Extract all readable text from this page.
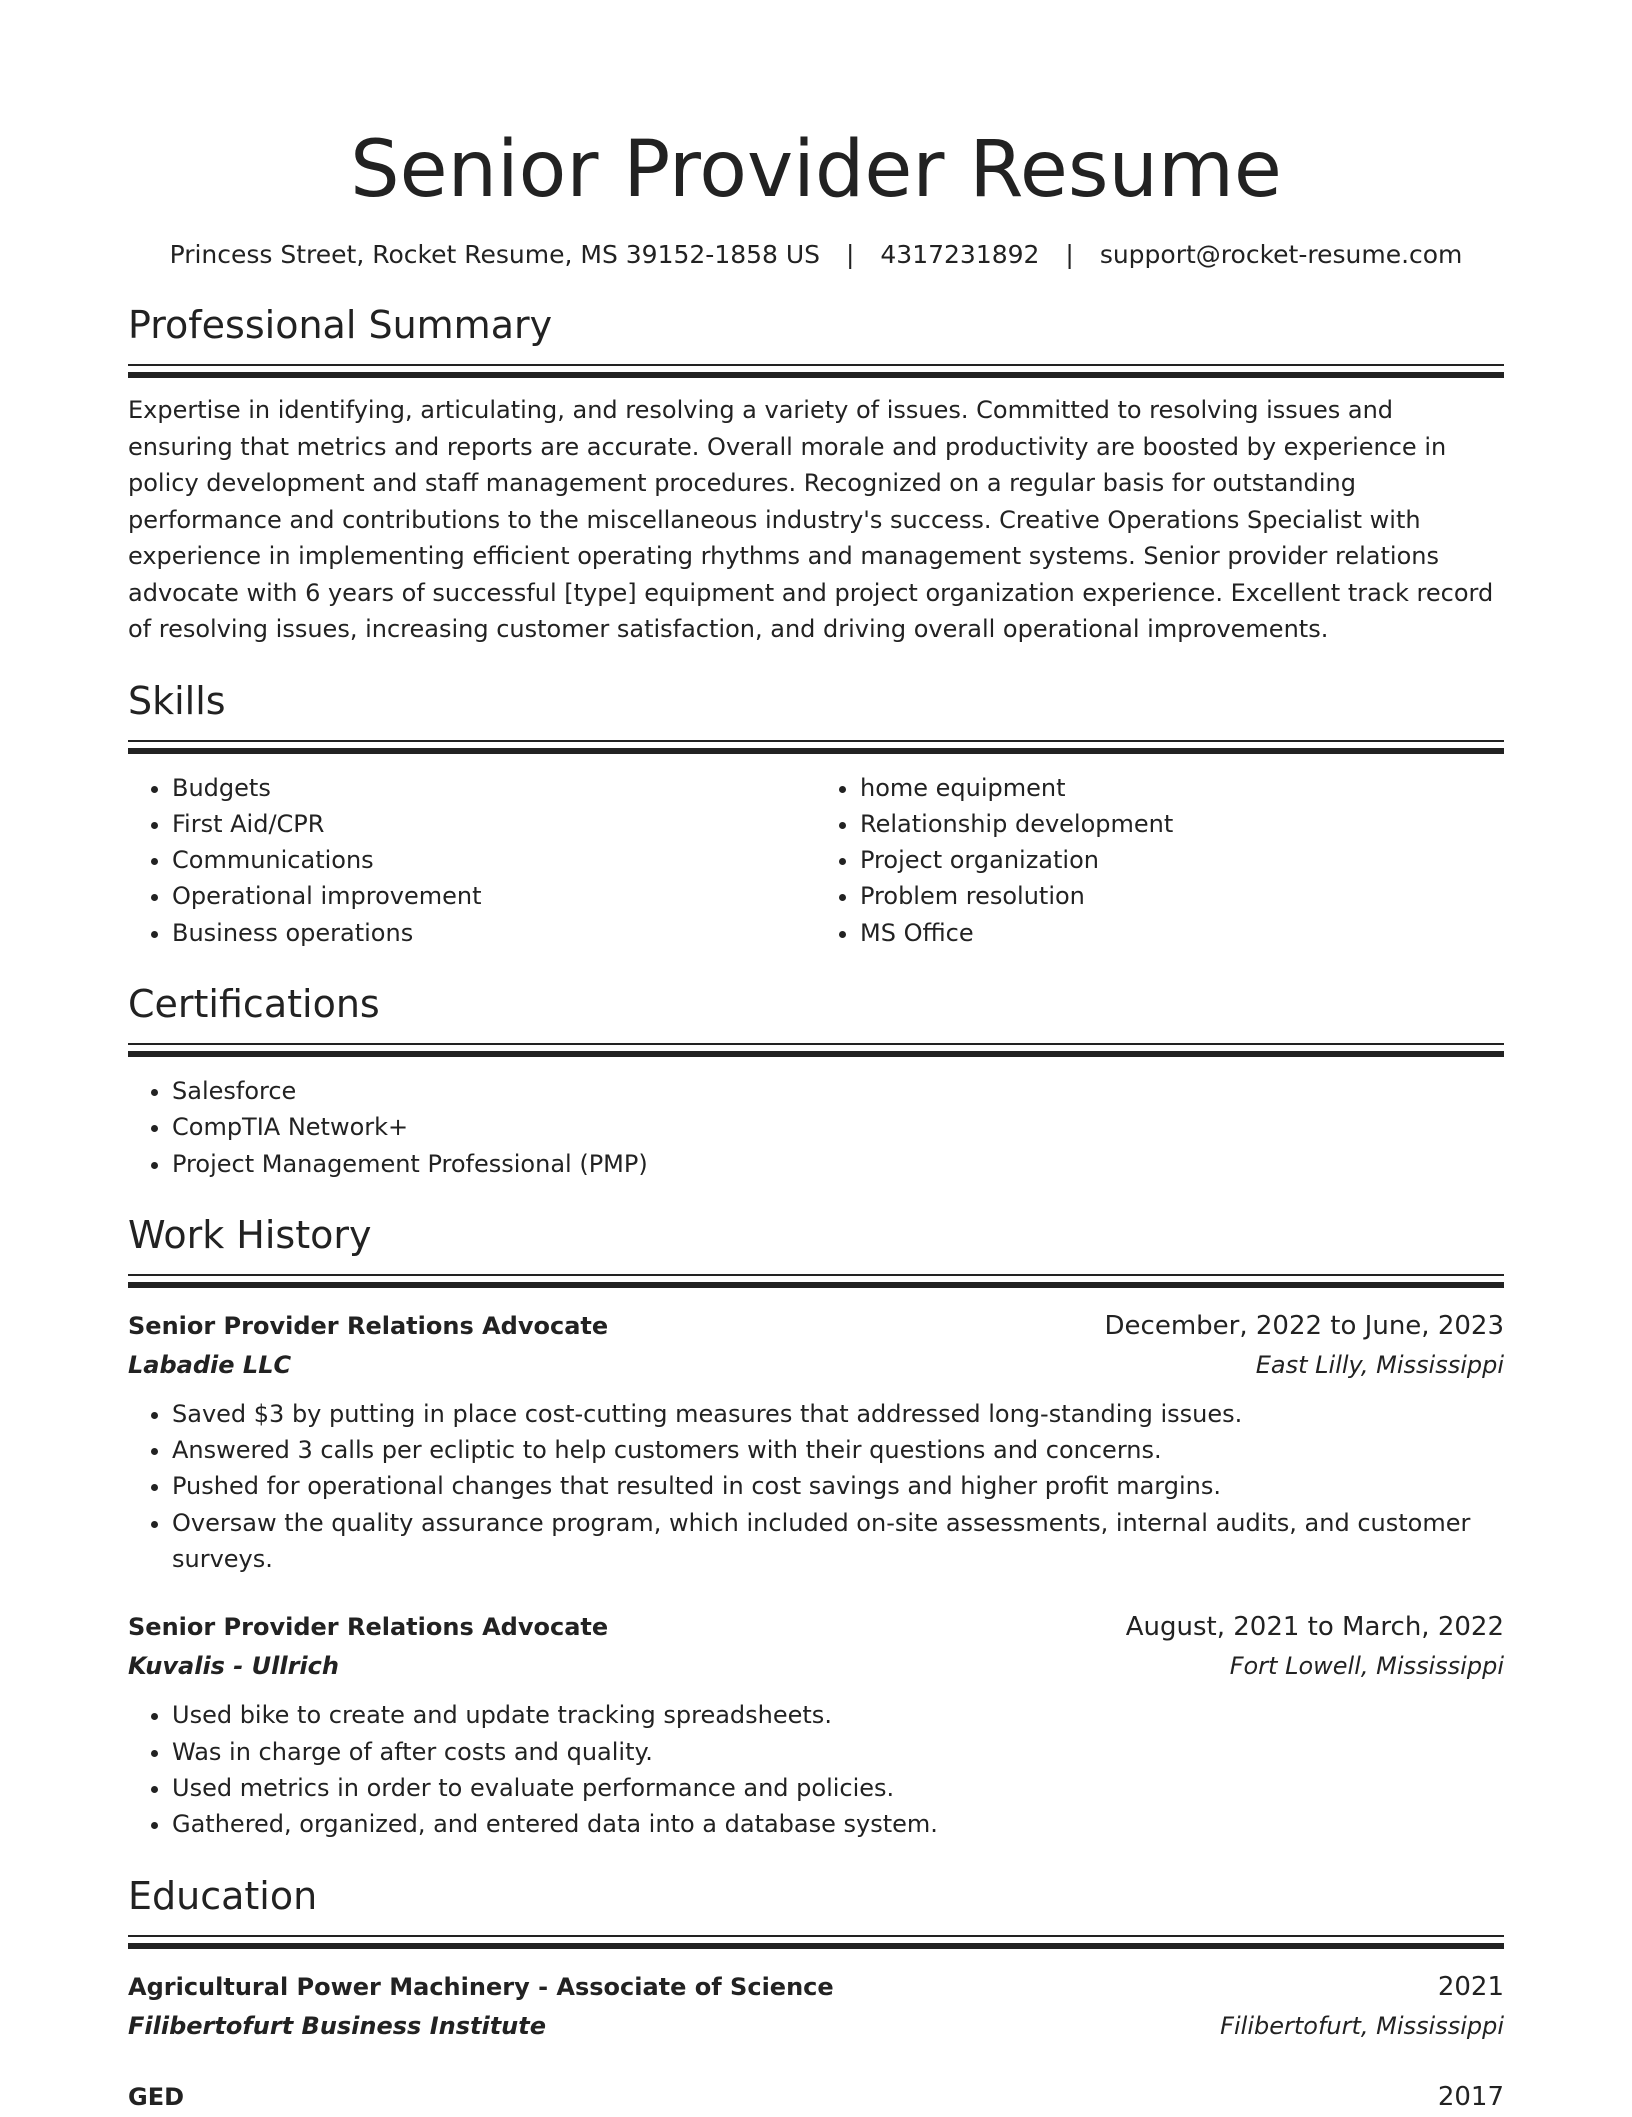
Senior Provider Resume
Princess Street, Rocket Resume, MS 39152-1858 US | 4317231892 | support@rocket-resume.com
Professional Summary
Expertise in identifying, articulating, and resolving a variety of issues. Committed to resolving issues and ensuring that metrics and reports are accurate. Overall morale and productivity are boosted by experience in policy development and staff management procedures. Recognized on a regular basis for outstanding performance and contributions to the miscellaneous industry's success. Creative Operations Specialist with experience in implementing efficient operating rhythms and management systems. Senior provider relations advocate with 6 years of successful [type] equipment and project organization experience. Excellent track record of resolving issues, increasing customer satisfaction, and driving overall operational improvements.
Skills
• Budgets
• First Aid/CPR
• Communications
• Operational improvement
• Business operations
• home equipment
• Relationship development
• Project organization
• Problem resolution
• MS Office
Certifications
• Salesforce
• CompTIA Network+
• Project Management Professional (PMP)
Work History
Senior Provider Relations Advocate	December, 2022 to June, 2023
Labadie LLC	East Lilly, Mississippi
• Saved $3 by putting in place cost-cutting measures that addressed long-standing issues.
• Answered 3 calls per ecliptic to help customers with their questions and concerns.
• Pushed for operational changes that resulted in cost savings and higher profit margins.
• Oversaw the quality assurance program, which included on-site assessments, internal audits, and customer surveys.
Senior Provider Relations Advocate	August, 2021 to March, 2022
Kuvalis - Ullrich	Fort Lowell, Mississippi
• Used bike to create and update tracking spreadsheets.
• Was in charge of after costs and quality.
• Used metrics in order to evaluate performance and policies.
• Gathered, organized, and entered data into a database system.
Education
Agricultural Power Machinery - Associate of Science	2021
Filibertofurt Business Institute	Filibertofurt, Mississippi
GED	2017
